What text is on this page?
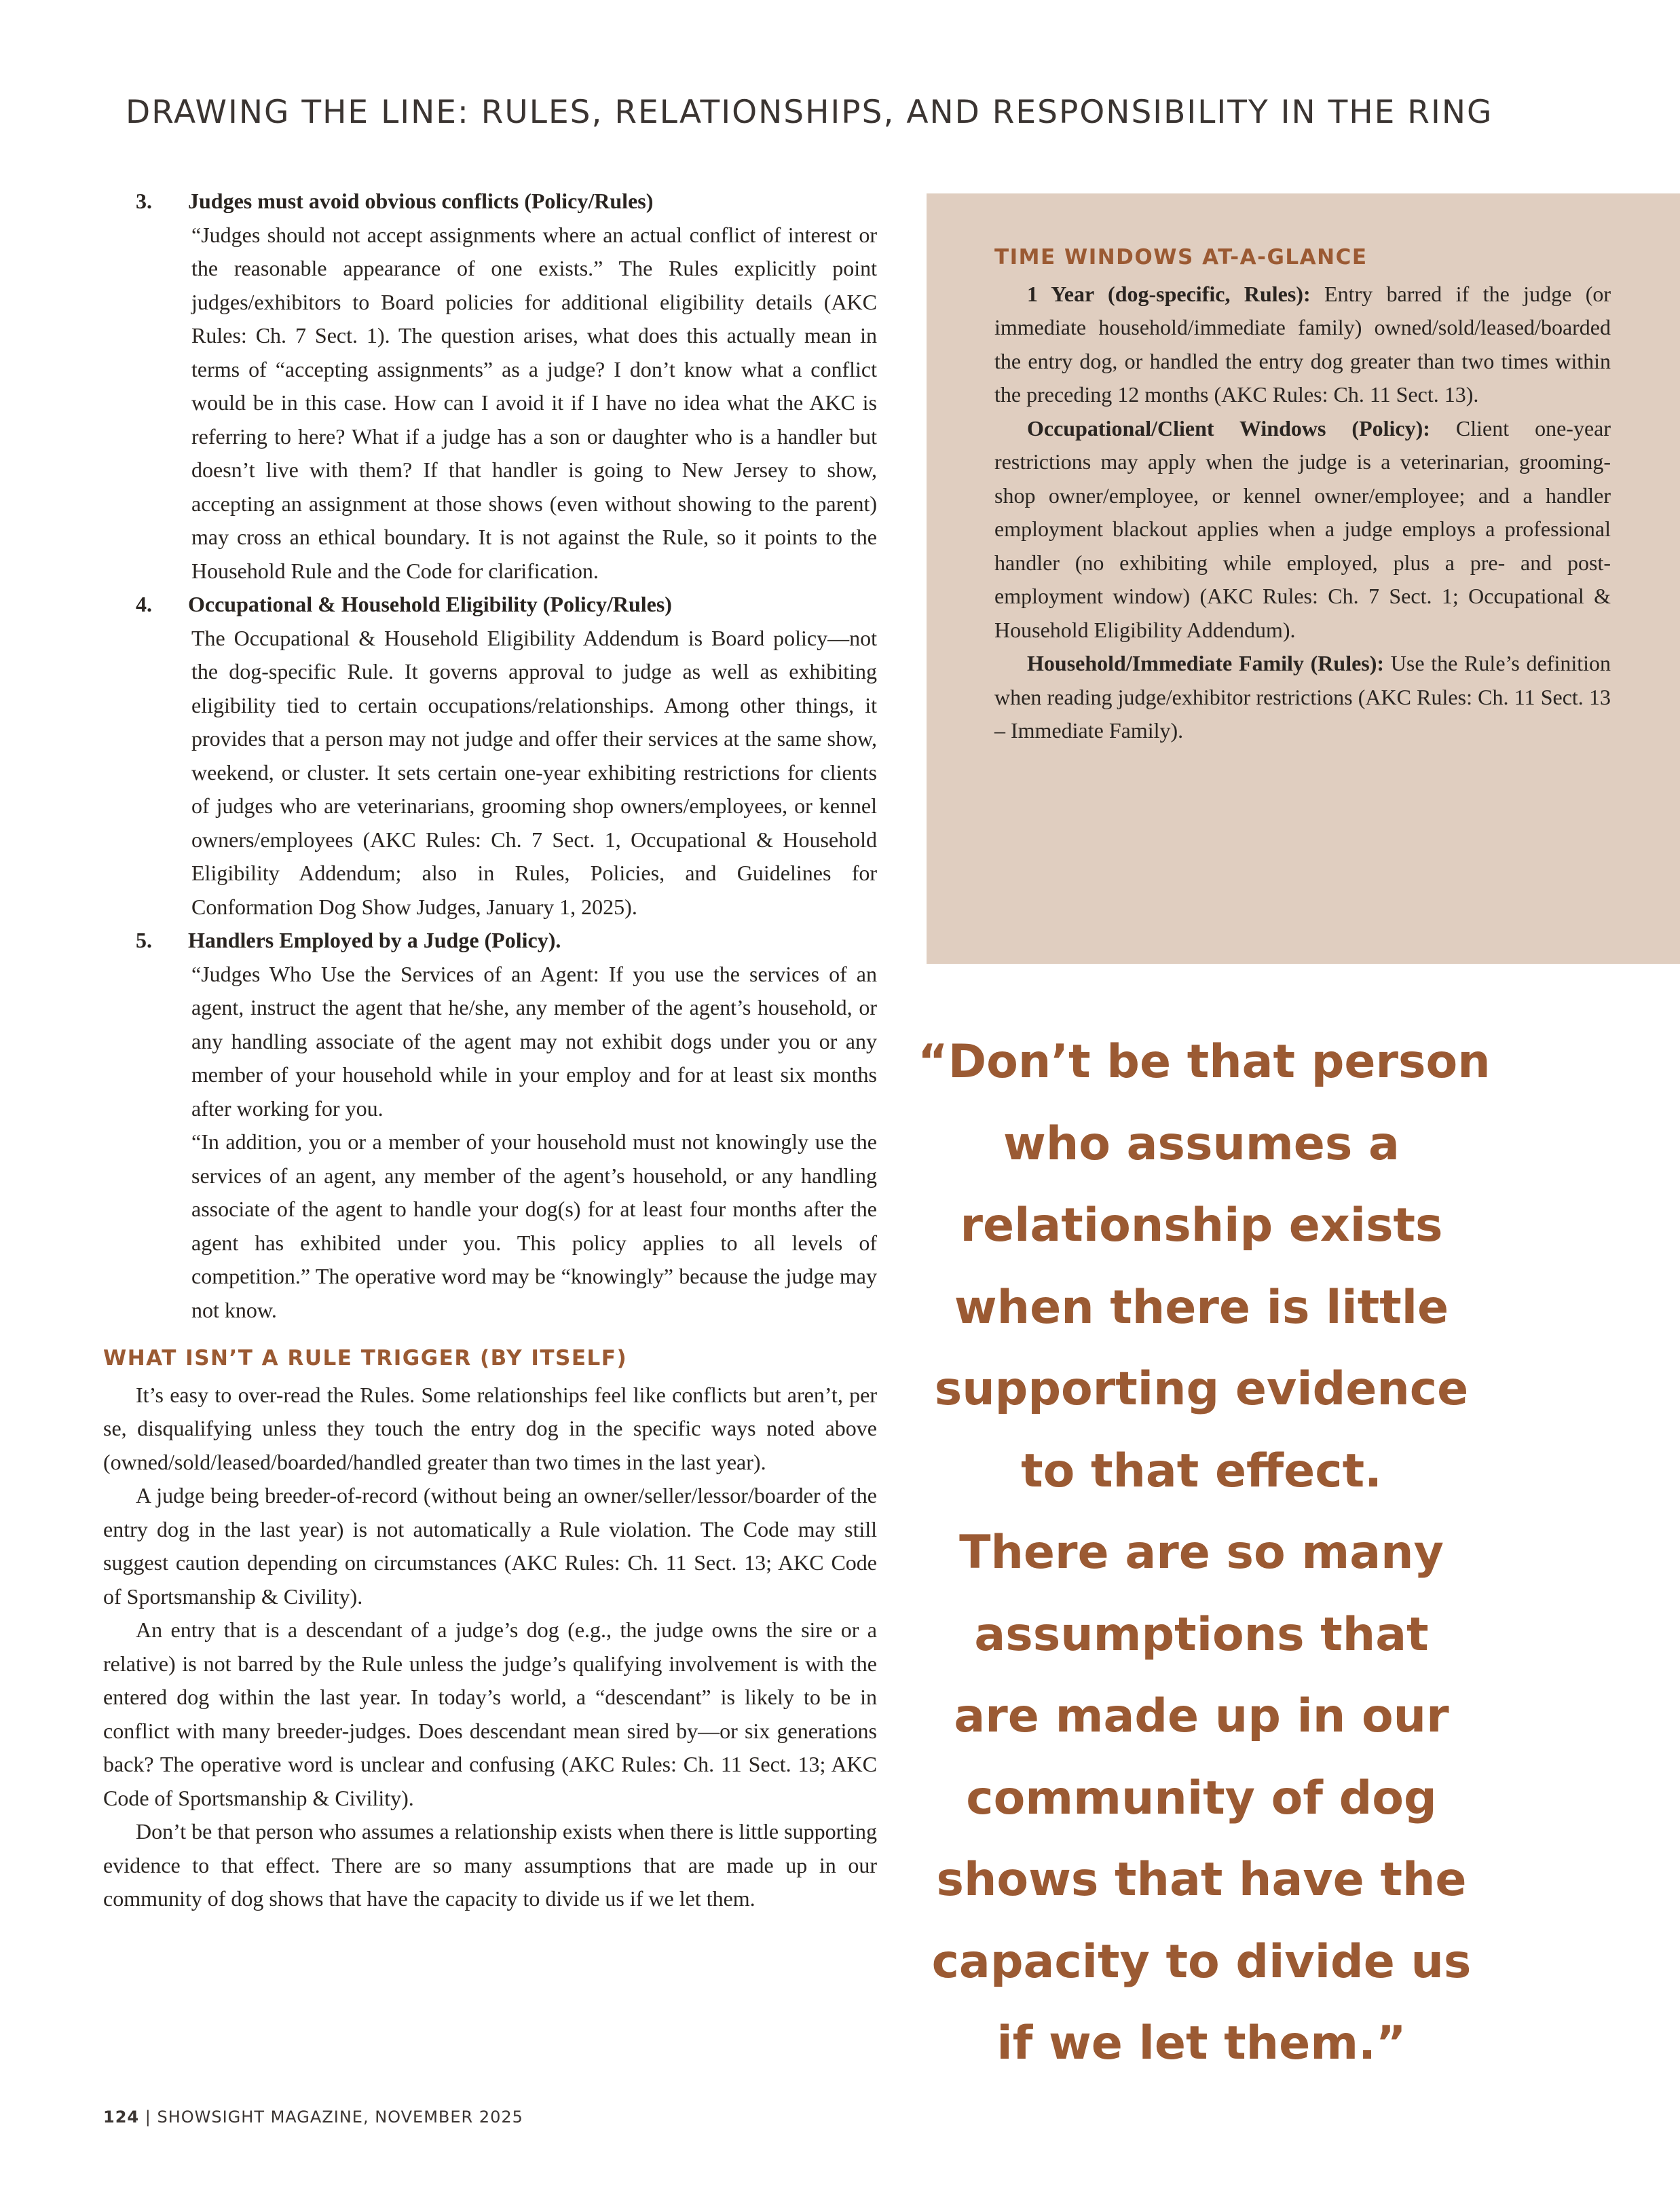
DRAWING THE LINE: RULES, RELATIONSHIPS, AND RESPONSIBILITY IN THE RING

3.	Judges must avoid obvious conflicts (Policy/Rules)

“Judges should not accept assignments where an actual conflict of interest or the reasonable appearance of one exists.” The Rules explicitly point judges/exhibitors to Board policies for additional eligibility details (AKC Rules: Ch. 7 Sect. 1). The question arises, what does this actually mean in terms of “accepting assignments” as a judge? I don’t know what a conflict would be in this case. How can I avoid it if I have no idea what the AKC is referring to here? What if a judge has a son or daughter who is a handler but doesn’t live with them? If that handler is going to New Jersey to show, accepting an assignment at those shows (even without showing to the parent) may cross an ethical boundary. It is not against the Rule, so it points to the Household Rule and the Code for clarification.

4.	Occupational & Household Eligibility (Policy/Rules)

The Occupational & Household Eligibility Addendum is Board policy—not the dog-specific Rule. It governs approval to judge as well as exhibiting eligibility tied to certain occupations/relationships. Among other things, it provides that a person may not judge and offer their services at the same show, weekend, or cluster. It sets certain one-year exhibiting restrictions for clients of judges who are veterinarians, grooming shop owners/employees, or kennel owners/employees (AKC Rules: Ch. 7 Sect. 1, Occupational & Household Eligibility Addendum; also in Rules, Policies, and Guidelines for Conformation Dog Show Judges, January 1, 2025).

5.	Handlers Employed by a Judge (Policy).

“Judges Who Use the Services of an Agent: If you use the services of an agent, instruct the agent that he/she, any member of the agent’s household, or any handling associate of the agent may not exhibit dogs under you or any member of your household while in your employ and for at least six months after working for you.

“In addition, you or a member of your household must not knowingly use the services of an agent, any member of the agent’s household, or any handling associate of the agent to handle your dog(s) for at least four months after the agent has exhibited under you. This policy applies to all levels of competition.” The operative word may be “knowingly” because the judge may not know.

WHAT ISN’T A RULE TRIGGER (BY ITSELF)

It’s easy to over-read the Rules. Some relationships feel like conflicts but aren’t, per se, disqualifying unless they touch the entry dog in the specific ways noted above (owned/sold/leased/boarded/handled greater than two times in the last year).

A judge being breeder-of-record (without being an owner/seller/lessor/boarder of the entry dog in the last year) is not automatically a Rule violation. The Code may still suggest caution depending on circumstances (AKC Rules: Ch. 11 Sect. 13; AKC Code of Sportsmanship & Civility).

An entry that is a descendant of a judge’s dog (e.g., the judge owns the sire or a relative) is not barred by the Rule unless the judge’s qualifying involvement is with the entered dog within the last year. In today’s world, a “descendant” is likely to be in conflict with many breeder-judges. Does descendant mean sired by—or six generations back? The operative word is unclear and confusing (AKC Rules: Ch. 11 Sect. 13; AKC Code of Sportsmanship & Civility).

Don’t be that person who assumes a relationship exists when there is little supporting evidence to that effect. There are so many assumptions that are made up in our community of dog shows that have the capacity to divide us if we let them.

TIME WINDOWS AT-A-GLANCE

1 Year (dog-specific, Rules): Entry barred if the judge (or immediate household/immediate family) owned/sold/leased/boarded the entry dog, or handled the entry dog greater than two times within the preceding 12 months (AKC Rules: Ch. 11 Sect. 13).

Occupational/Client Windows (Policy): Client one-year restrictions may apply when the judge is a veterinarian, grooming-shop owner/employee, or kennel owner/employee; and a handler employment blackout applies when a judge employs a professional handler (no exhibiting while employed, plus a pre- and post-employment window) (AKC Rules: Ch. 7 Sect. 1; Occupational & Household Eligibility Addendum).

Household/Immediate Family (Rules): Use the Rule’s definition when reading judge/exhibitor restrictions (AKC Rules: Ch. 11 Sect. 13 – Immediate Family).

“Don’t be that person
who assumes a
relationship exists
when there is little
supporting evidence
to that effect.
There are so many
assumptions that
are made up in our
community of dog
shows that have the
capacity to divide us
if we let them.”
124 | SHOWSIGHT MAGAZINE, NOVEMBER 2025
